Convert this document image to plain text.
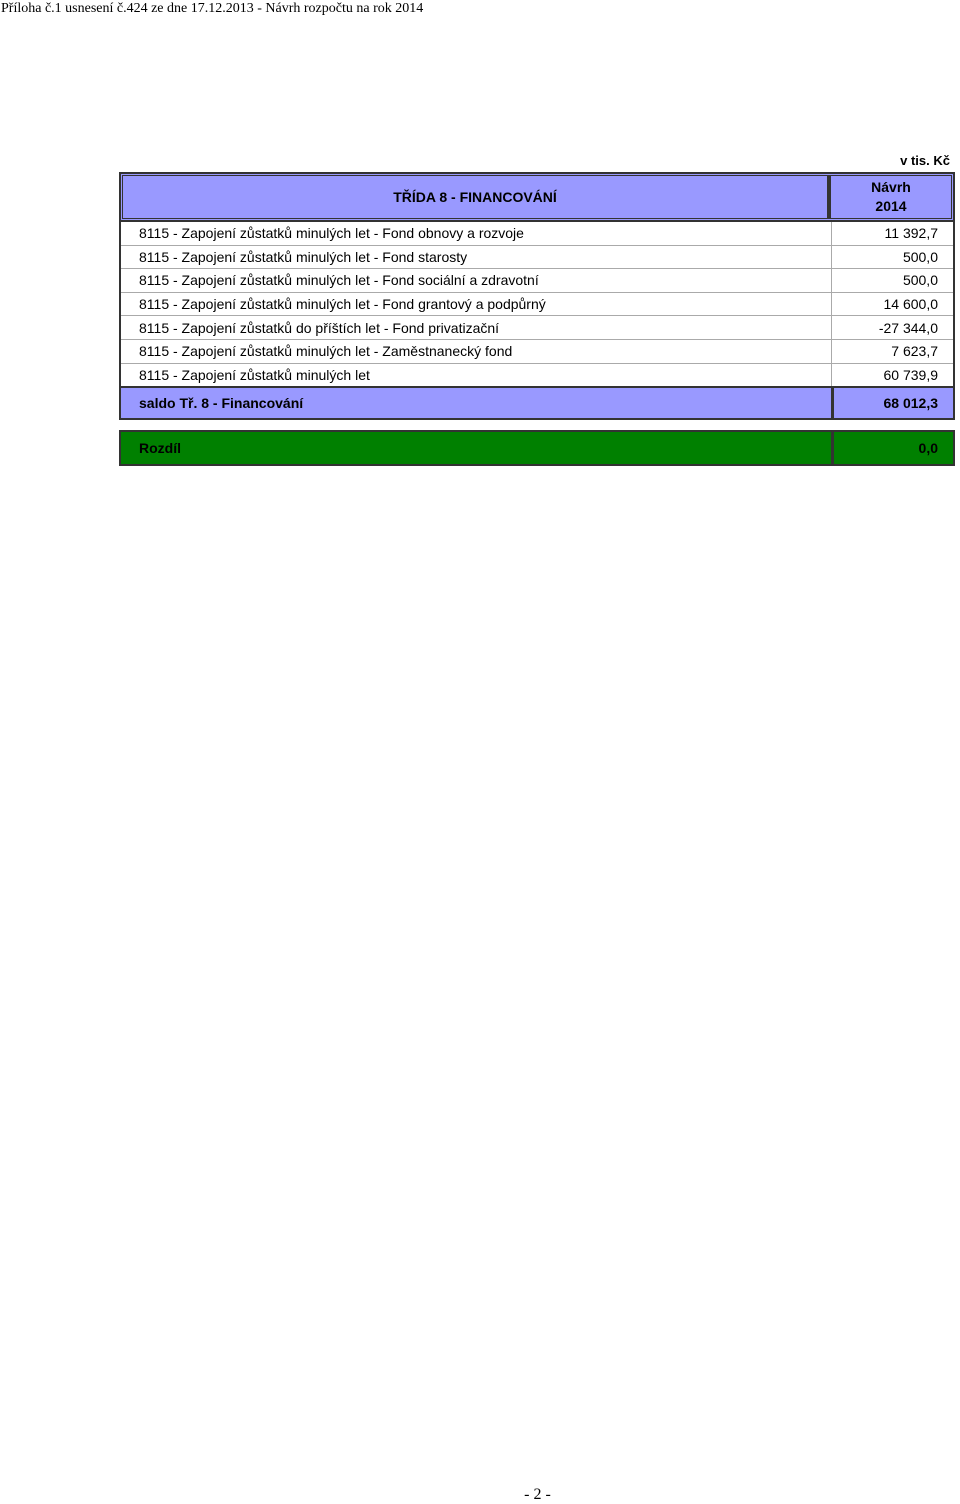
Příloha č.1 usnesení č.424 ze dne 17.12.2013 - Návrh rozpočtu na rok 2014
v tis. Kč
TŘÍDA 8 - FINANCOVÁNÍ
Návrh
2014
8115 - Zapojení zůstatků minulých let - Fond obnovy a rozvoje	11 392,7
8115 - Zapojení zůstatků minulých let - Fond starosty	500,0
8115 - Zapojení zůstatků minulých let - Fond sociální a zdravotní	500,0
8115 - Zapojení zůstatků minulých let - Fond grantový a podpůrný	14 600,0
8115 - Zapojení zůstatků do příštích let - Fond privatizační	-27 344,0
8115 - Zapojení zůstatků minulých let - Zaměstnanecký fond	7 623,7
8115 - Zapojení zůstatků minulých let	60 739,9
saldo Tř. 8 - Financování	68 012,3
Rozdíl	0,0
- 2 -
